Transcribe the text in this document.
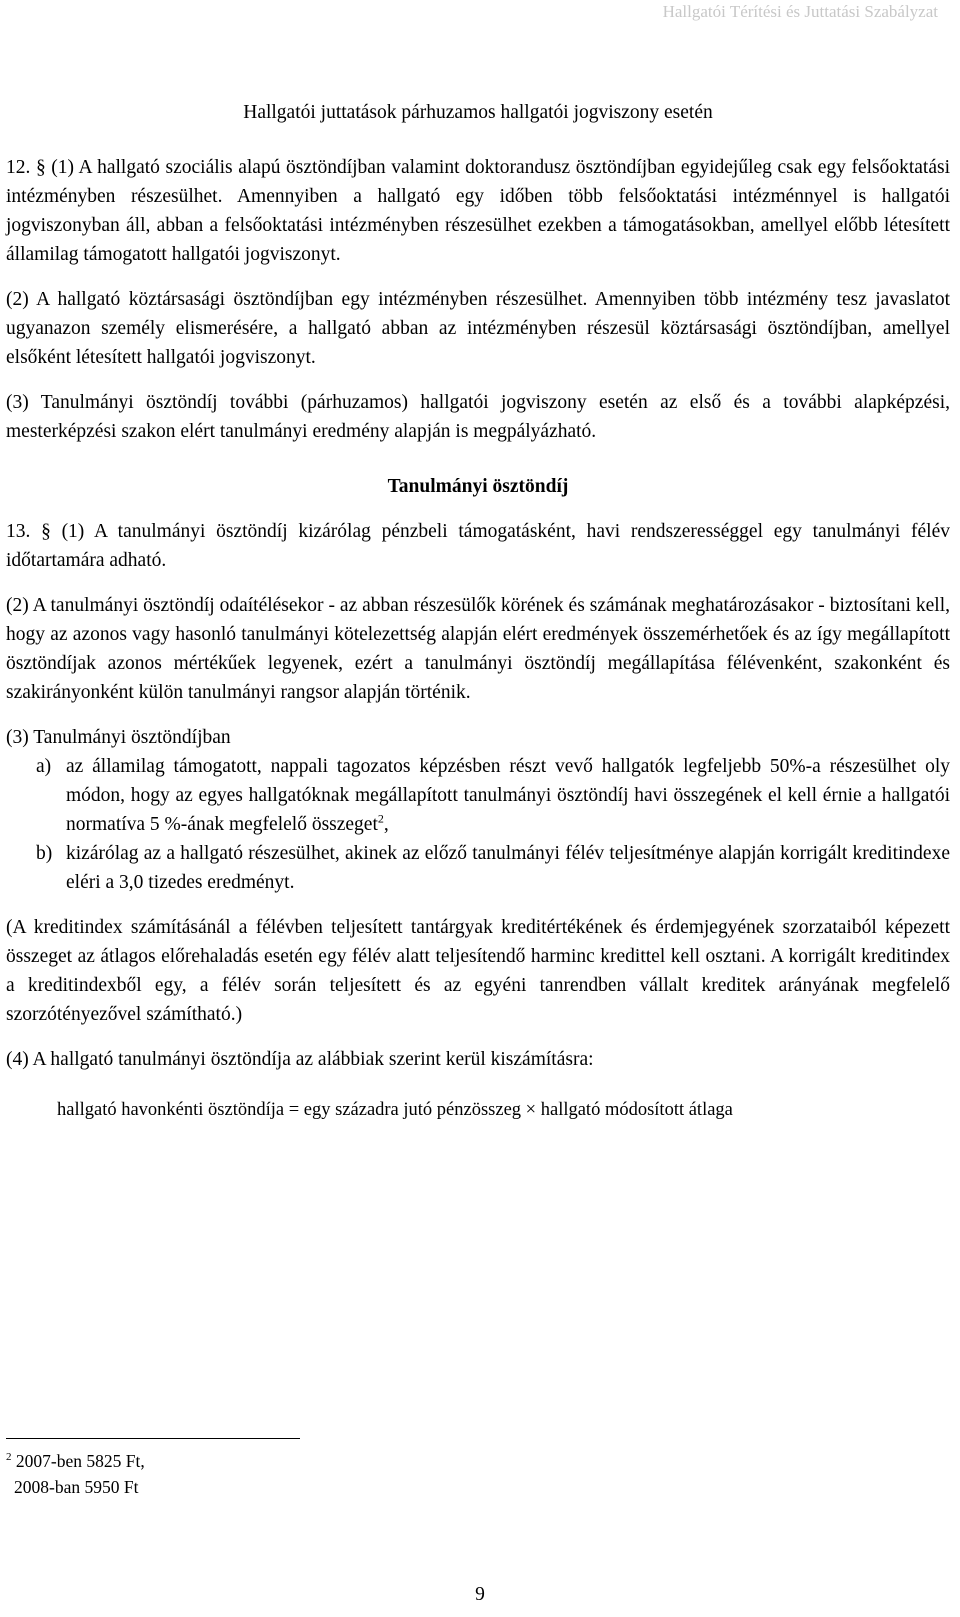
Hallgatói Térítési és Juttatási Szabályzat

Hallgatói juttatások párhuzamos hallgatói jogviszony esetén

12. § (1) A hallgató szociális alapú ösztöndíjban valamint doktorandusz ösztöndíjban egyidejűleg csak egy felsőoktatási intézményben részesülhet. Amennyiben a hallgató egy időben több felsőoktatási intézménnyel is hallgatói jogviszonyban áll, abban a felsőoktatási intézményben részesülhet ezekben a támogatásokban, amellyel előbb létesített államilag támogatott hallgatói jogviszonyt.

(2) A hallgató köztársasági ösztöndíjban egy intézményben részesülhet. Amennyiben több intézmény tesz javaslatot ugyanazon személy elismerésére, a hallgató abban az intézményben részesül köztársasági ösztöndíjban, amellyel elsőként létesített hallgatói jogviszonyt.

(3) Tanulmányi ösztöndíj további (párhuzamos) hallgatói jogviszony esetén az első és a további alapképzési, mesterképzési szakon elért tanulmányi eredmény alapján is megpályázható.

Tanulmányi ösztöndíj

13. § (1) A tanulmányi ösztöndíj kizárólag pénzbeli támogatásként, havi rendszerességgel egy tanulmányi félév időtartamára adható.

(2) A tanulmányi ösztöndíj odaítélésekor - az abban részesülők körének és számának meghatározásakor - biztosítani kell, hogy az azonos vagy hasonló tanulmányi kötelezettség alapján elért eredmények összemérhetőek és az így megállapított ösztöndíjak azonos mértékűek legyenek, ezért a tanulmányi ösztöndíj megállapítása félévenként, szakonként és szakirányonként külön tanulmányi rangsor alapján történik.

(3) Tanulmányi ösztöndíjban

a) az államilag támogatott, nappali tagozatos képzésben részt vevő hallgatók legfeljebb 50%-a részesülhet oly módon, hogy az egyes hallgatóknak megállapított tanulmányi ösztöndíj havi összegének el kell érnie a hallgatói normatíva 5 %-ának megfelelő összeget$^2$,
b) kizárólag az a hallgató részesülhet, akinek az előző tanulmányi félév teljesítménye alapján korrigált kreditindexe eléri a 3,0 tizedes eredményt.

(A kreditindex számításánál a félévben teljesített tantárgyak kreditértékének és érdemjegyének szorzataiból képezett összeget az átlagos előrehaladás esetén egy félév alatt teljesítendő harminc kredittel kell osztani. A korrigált kreditindex a kreditindexből egy, a félév során teljesített és az egyéni tanrendben vállalt kreditek arányának megfelelő szorzótényezővel számítható.)

(4) A hallgató tanulmányi ösztöndíja az alábbiak szerint kerül kiszámításra:

hallgató havonkénti ösztöndíja = egy századra jutó pénzösszeg × hallgató módosított átlaga

$^2$ 2007-ben 5825 Ft,
2008-ban 5950 Ft
9
